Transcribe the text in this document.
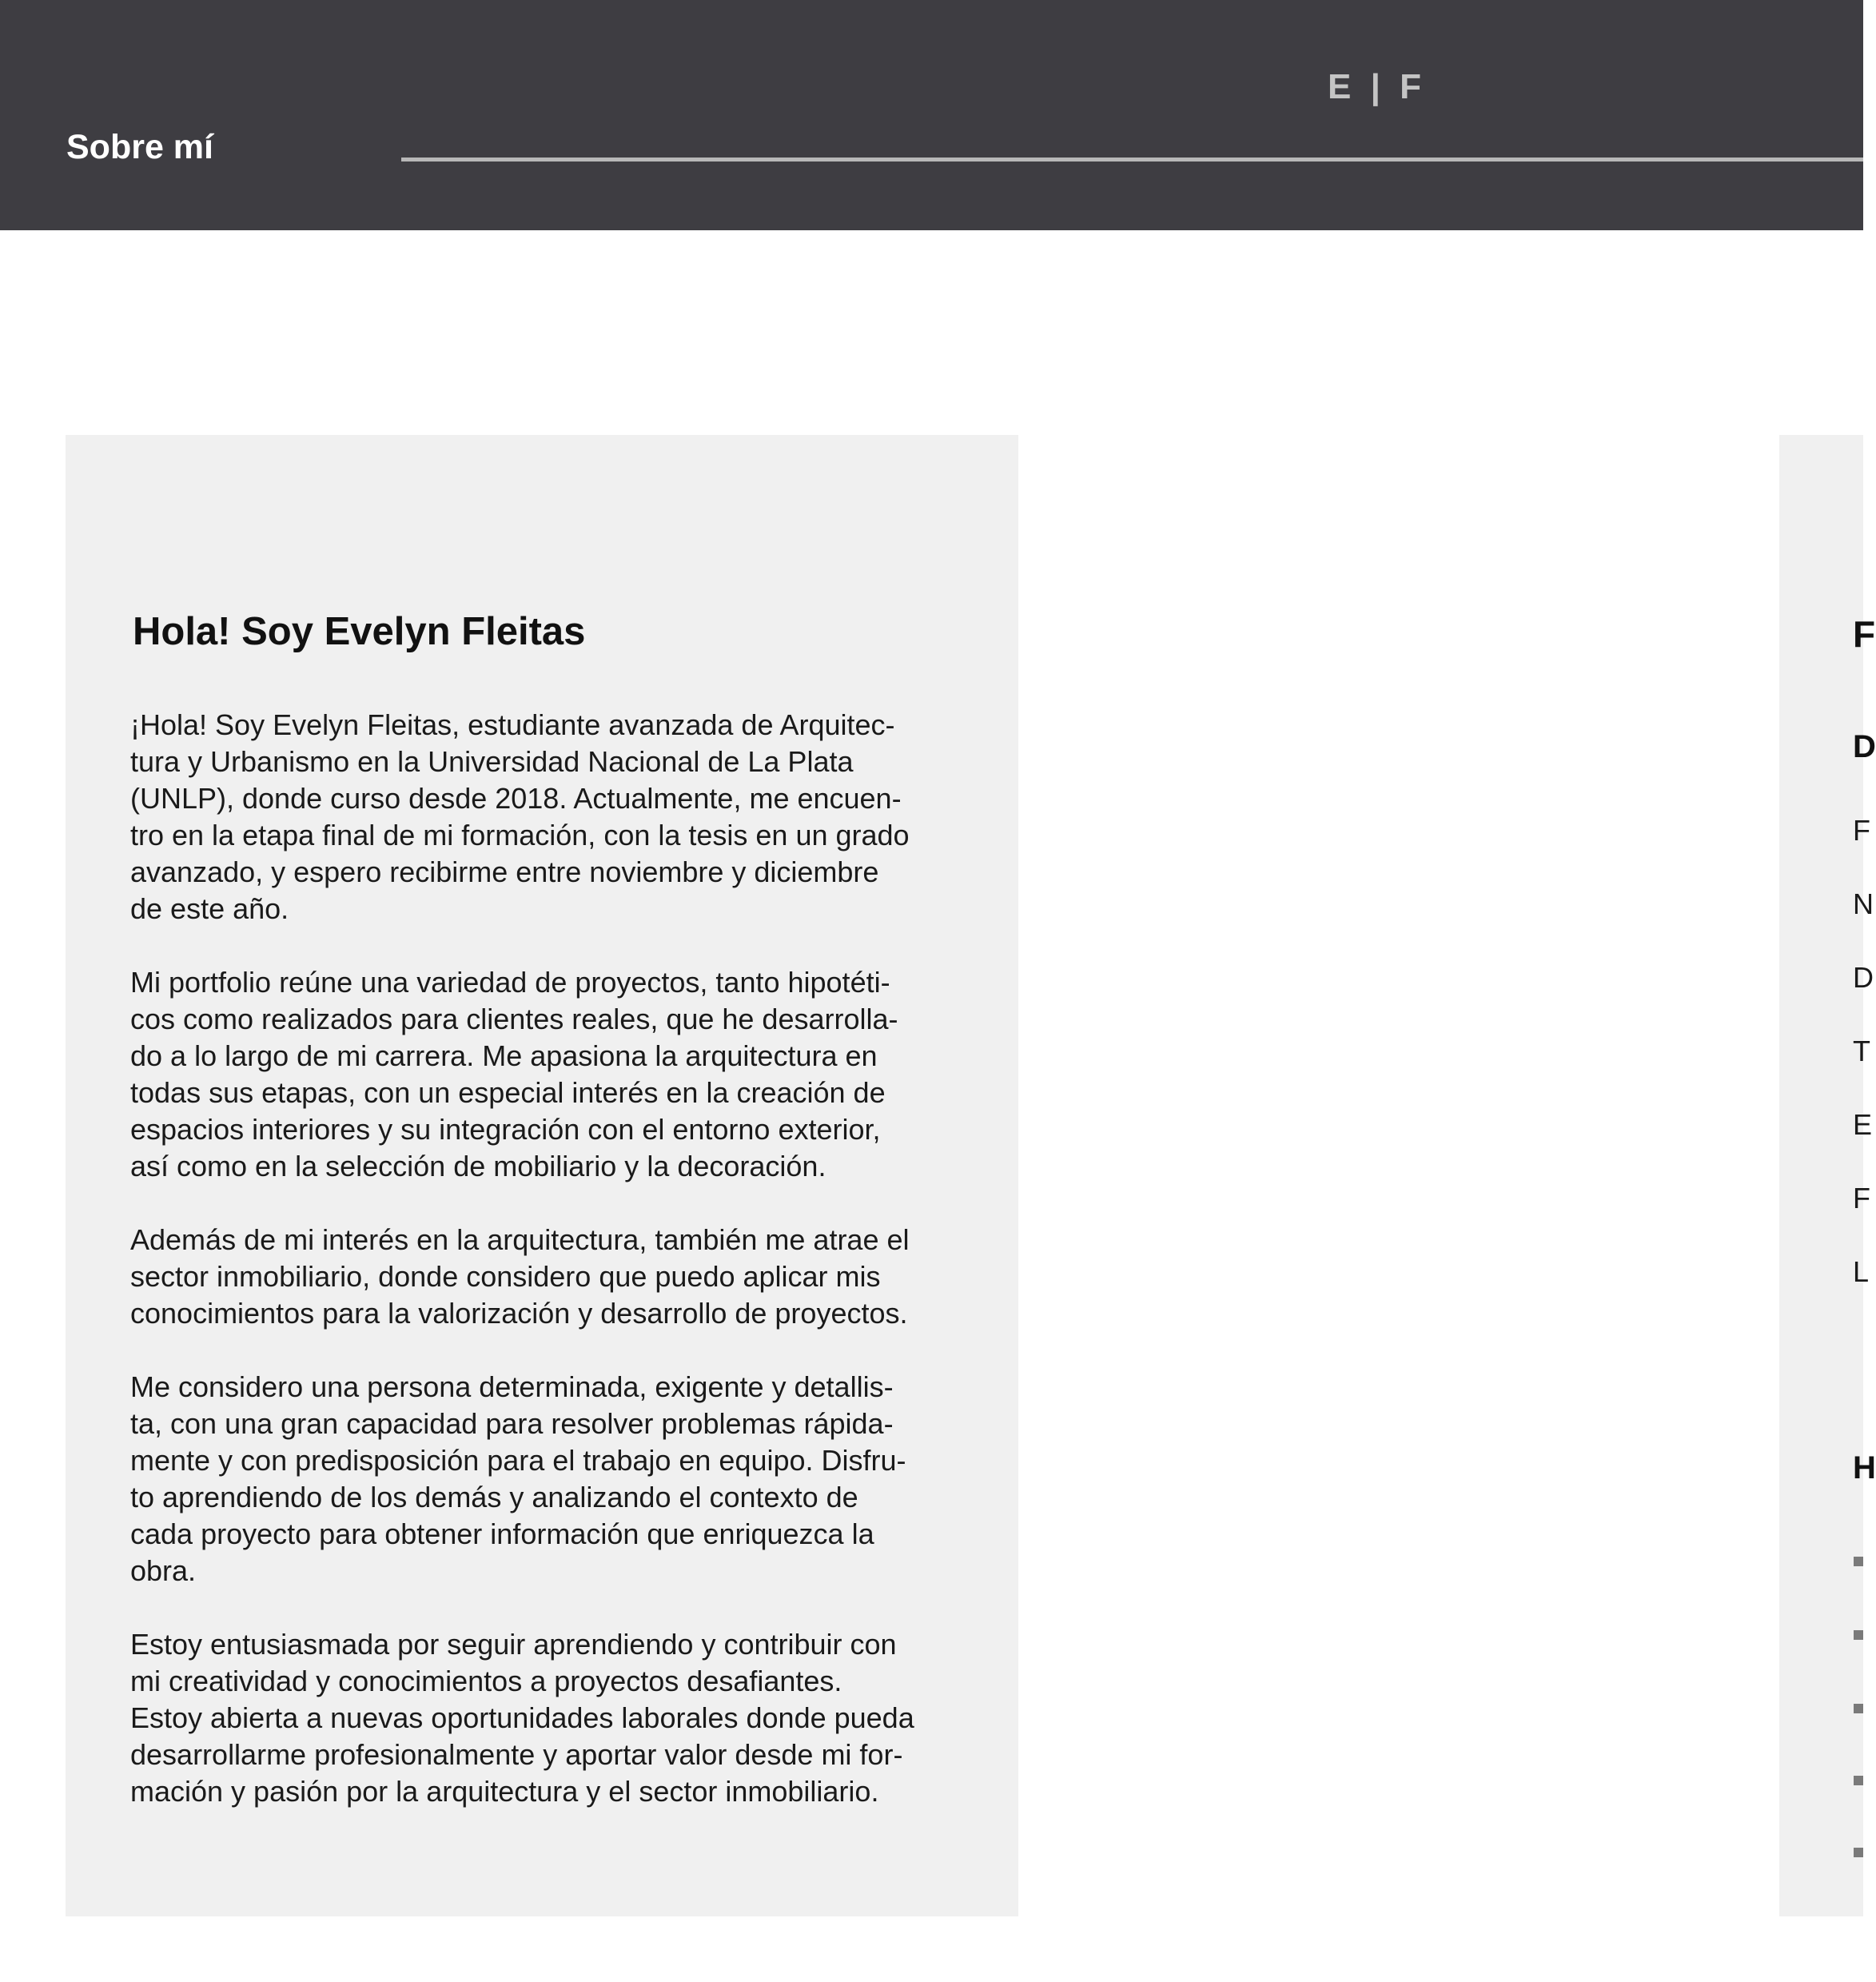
Sobre mí
E | F
Hola! Soy Evelyn Fleitas

¡Hola! Soy Evelyn Fleitas, estudiante avanzada de Arquitec-
tura y Urbanismo en la Universidad Nacional de La Plata
(UNLP), donde curso desde 2018. Actualmente, me encuen-
tro en la etapa final de mi formación, con la tesis en un grado
avanzado, y espero recibirme entre noviembre y diciembre
de este año.

Mi portfolio reúne una variedad de proyectos, tanto hipotéti-
cos como realizados para clientes reales, que he desarrolla-
do a lo largo de mi carrera. Me apasiona la arquitectura en
todas sus etapas, con un especial interés en la creación de
espacios interiores y su integración con el entorno exterior,
así como en la selección de mobiliario y la decoración.

Además de mi interés en la arquitectura, también me atrae el
sector inmobiliario, donde considero que puedo aplicar mis
conocimientos para la valorización y desarrollo de proyectos.

Me considero una persona determinada, exigente y detallis-
ta, con una gran capacidad para resolver problemas rápida-
mente y con predisposición para el trabajo en equipo. Disfru-
to aprendiendo de los demás y analizando el contexto de
cada proyecto para obtener información que enriquezca la
obra.

Estoy entusiasmada por seguir aprendiendo y contribuir con
mi creatividad y conocimientos a proyectos desafiantes.
Estoy abierta a nuevas oportunidades laborales donde pueda
desarrollarme profesionalmente y aportar valor desde mi for-
mación y pasión por la arquitectura y el sector inmobiliario.

F
D
F
N
D
T
E
F
L
H
